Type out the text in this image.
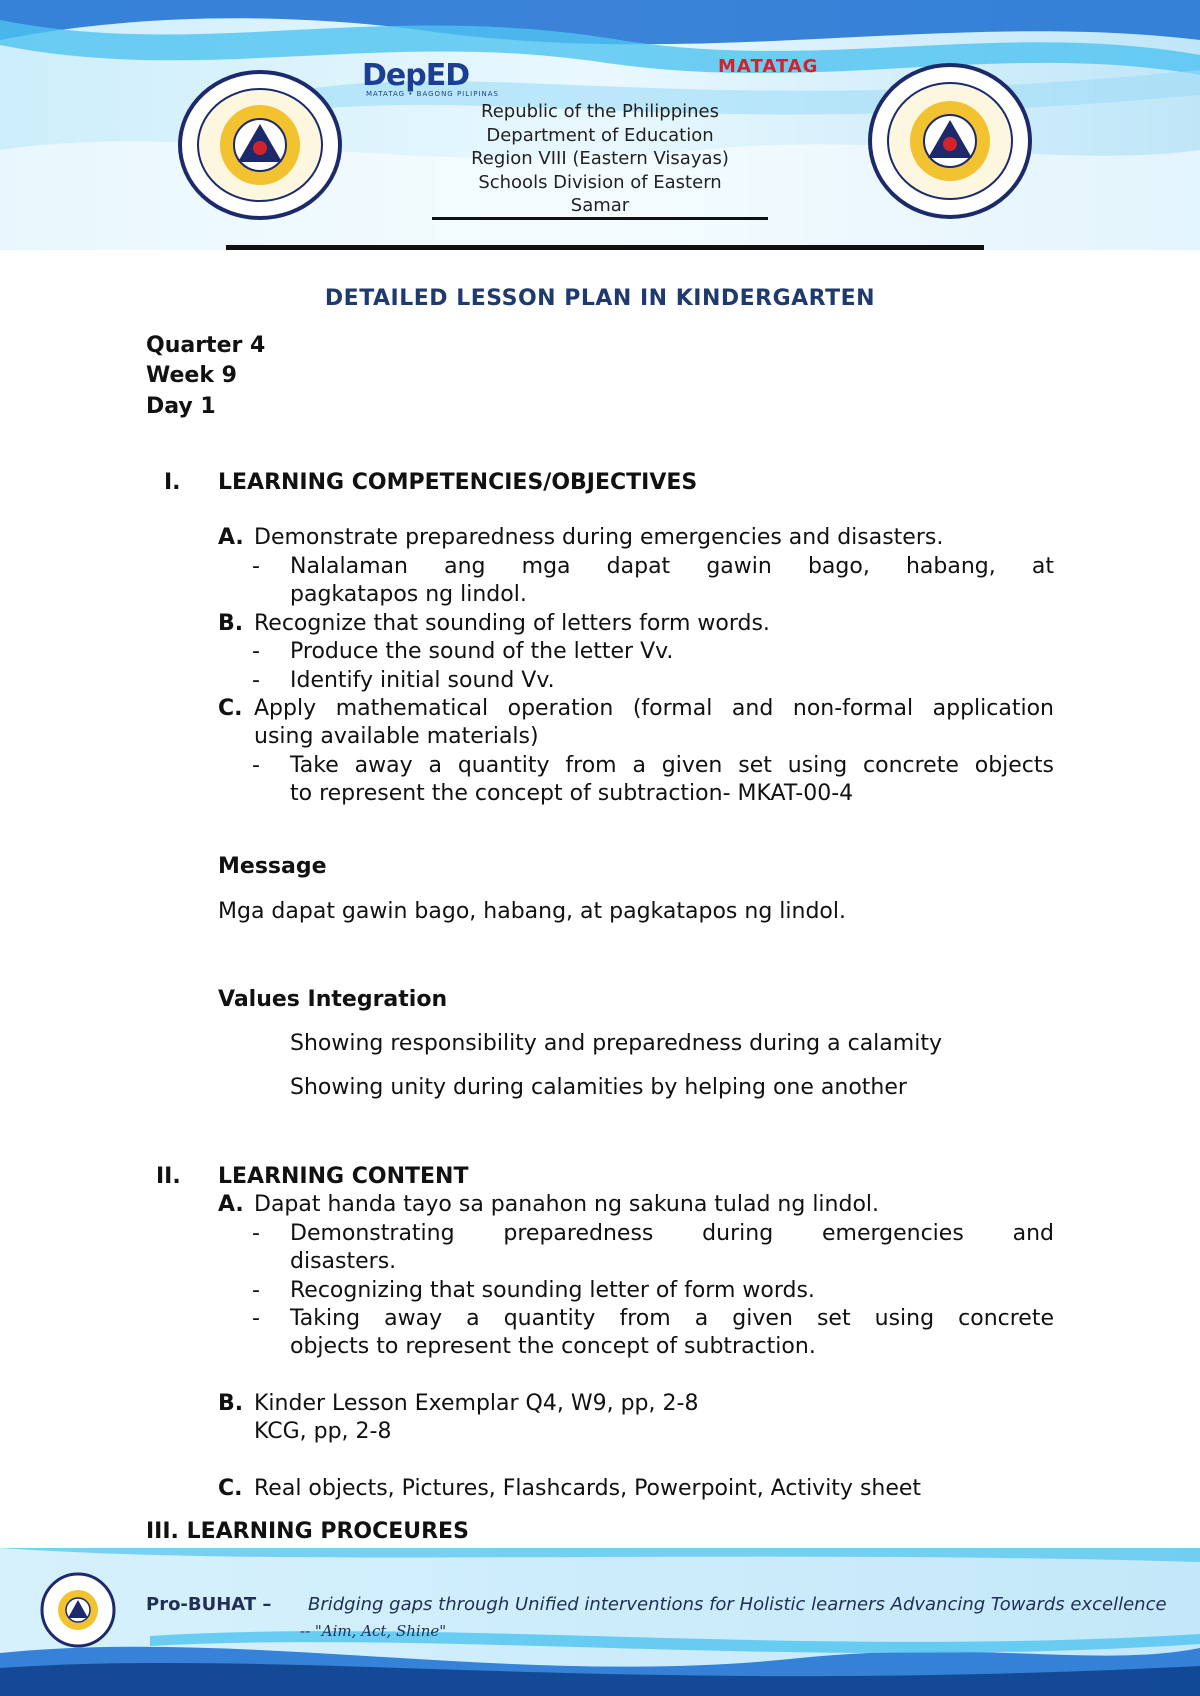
DepED
MATATAG • BAGONG PILIPINAS
MATATAG
Republic of the Philippines
Department of Education
Region VIII (Eastern Visayas)
Schools Division of Eastern
Samar
DETAILED LESSON PLAN IN KINDERGARTEN
Quarter 4
Week 9
Day 1
I. LEARNING COMPETENCIES/OBJECTIVES
A. Demonstrate preparedness during emergencies and disasters.
- Nalalaman ang mga dapat gawin bago, habang, at
pagkatapos ng lindol.
B. Recognize that sounding of letters form words.
- Produce the sound of the letter Vv.
- Identify initial sound Vv.
C. Apply mathematical operation (formal and non-formal application
using available materials)
- Take away a quantity from a given set using concrete objects
to represent the concept of subtraction- MKAT-00-4
Message
Mga dapat gawin bago, habang, at pagkatapos ng lindol.
Values Integration
Showing responsibility and preparedness during a calamity
Showing unity during calamities by helping one another
II. LEARNING CONTENT
A. Dapat handa tayo sa panahon ng sakuna tulad ng lindol.
- Demonstrating preparedness during emergencies and
disasters.
- Recognizing that sounding letter of form words.
- Taking away a quantity from a given set using concrete
objects to represent the concept of subtraction.
B. Kinder Lesson Exemplar Q4, W9, pp, 2-8
KCG, pp, 2-8
C. Real objects, Pictures, Flashcards, Powerpoint, Activity sheet
III. LEARNING PROCEURES
Pro-BUHAT – Bridging gaps through Unified interventions for Holistic learners Advancing Towards excellence
-- "Aim, Act, Shine"
